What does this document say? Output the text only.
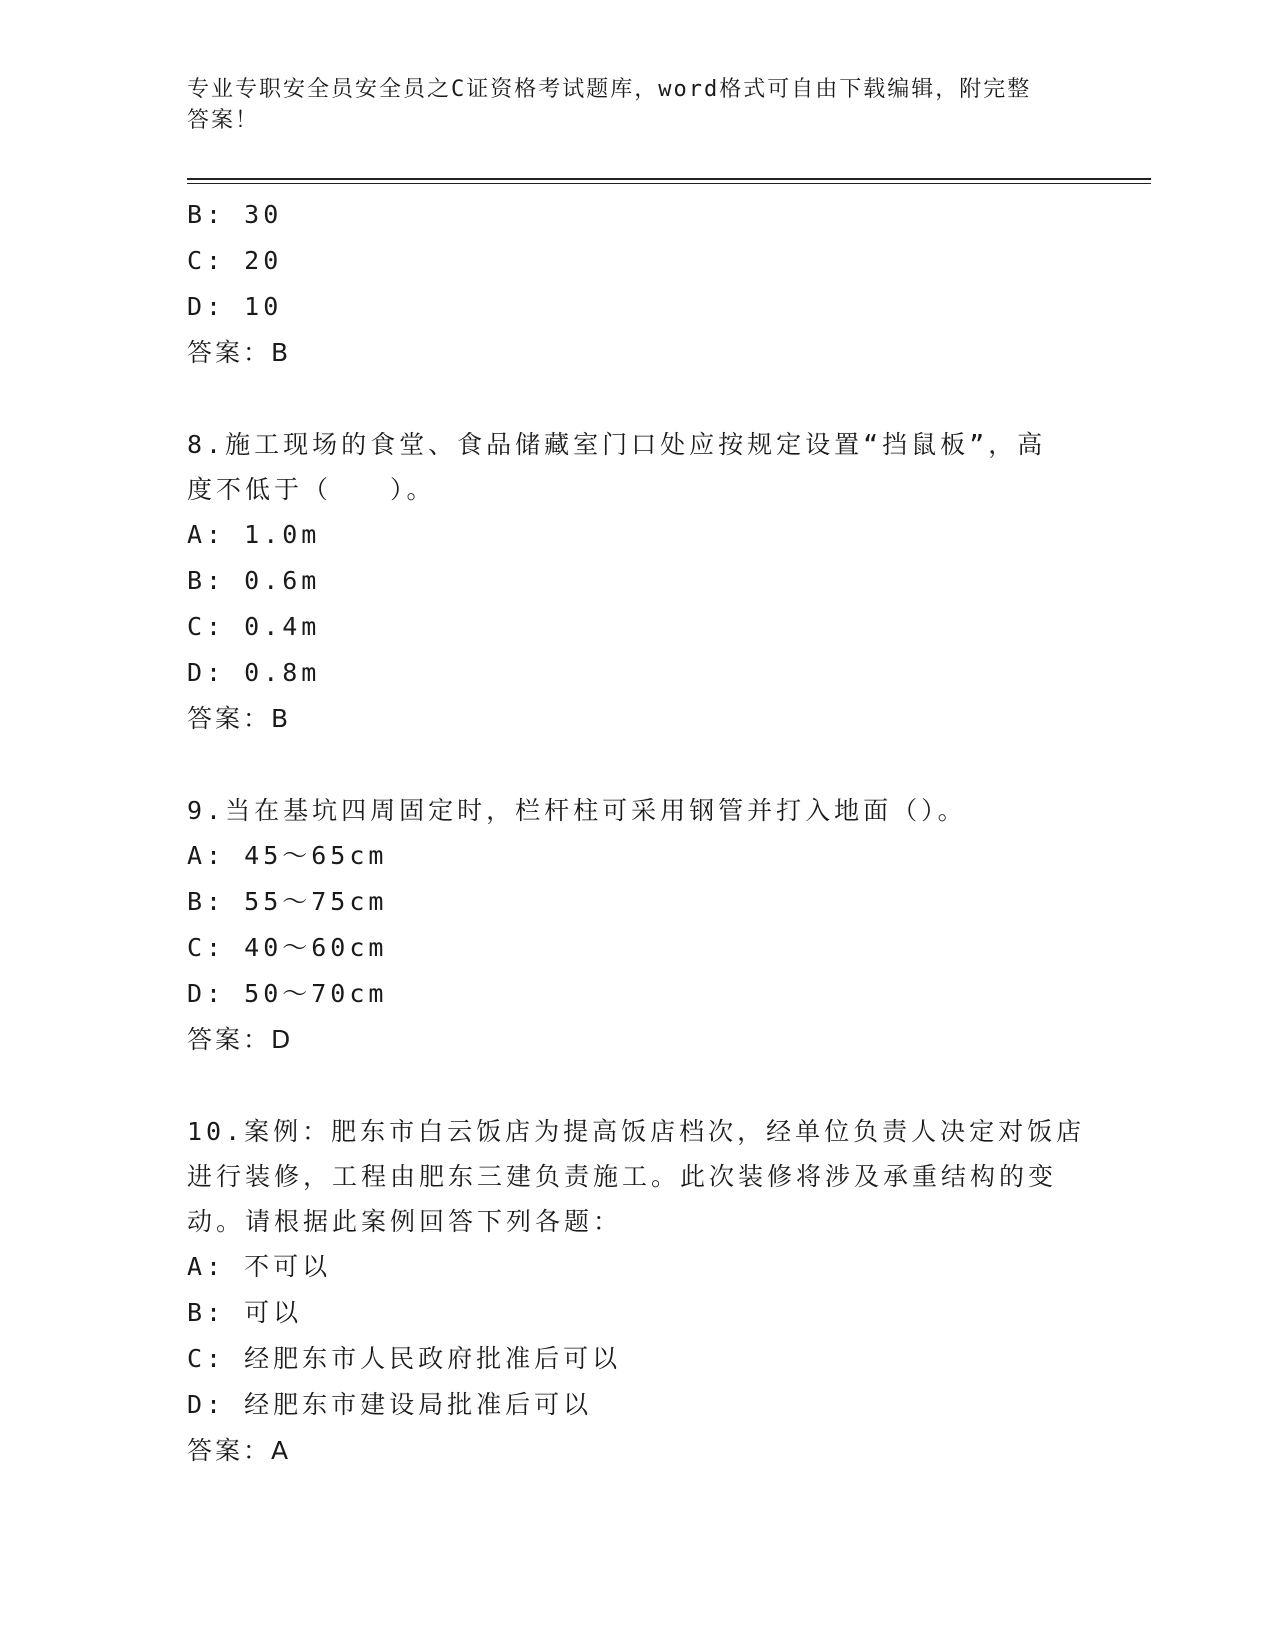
专业专职安全员安全员之C证资格考试题库，word格式可自由下载编辑，附完整
答案！
B: 30
C: 20
D: 10
答案：B
8.施工现场的食堂、食品储藏室门口处应按规定设置“挡鼠板”，高
度不低于（　　）。
A: 1.0m
B: 0.6m
C: 0.4m
D: 0.8m
答案：B
9.当在基坑四周固定时，栏杆柱可采用钢管并打入地面（）。
A: 45～65cm
B: 55～75cm
C: 40～60cm
D: 50～70cm
答案：D
10.案例：肥东市白云饭店为提高饭店档次，经单位负责人决定对饭店
进行装修，工程由肥东三建负责施工。此次装修将涉及承重结构的变
动。请根据此案例回答下列各题：
A: 不可以
B: 可以
C: 经肥东市人民政府批准后可以
D: 经肥东市建设局批准后可以
答案：A
